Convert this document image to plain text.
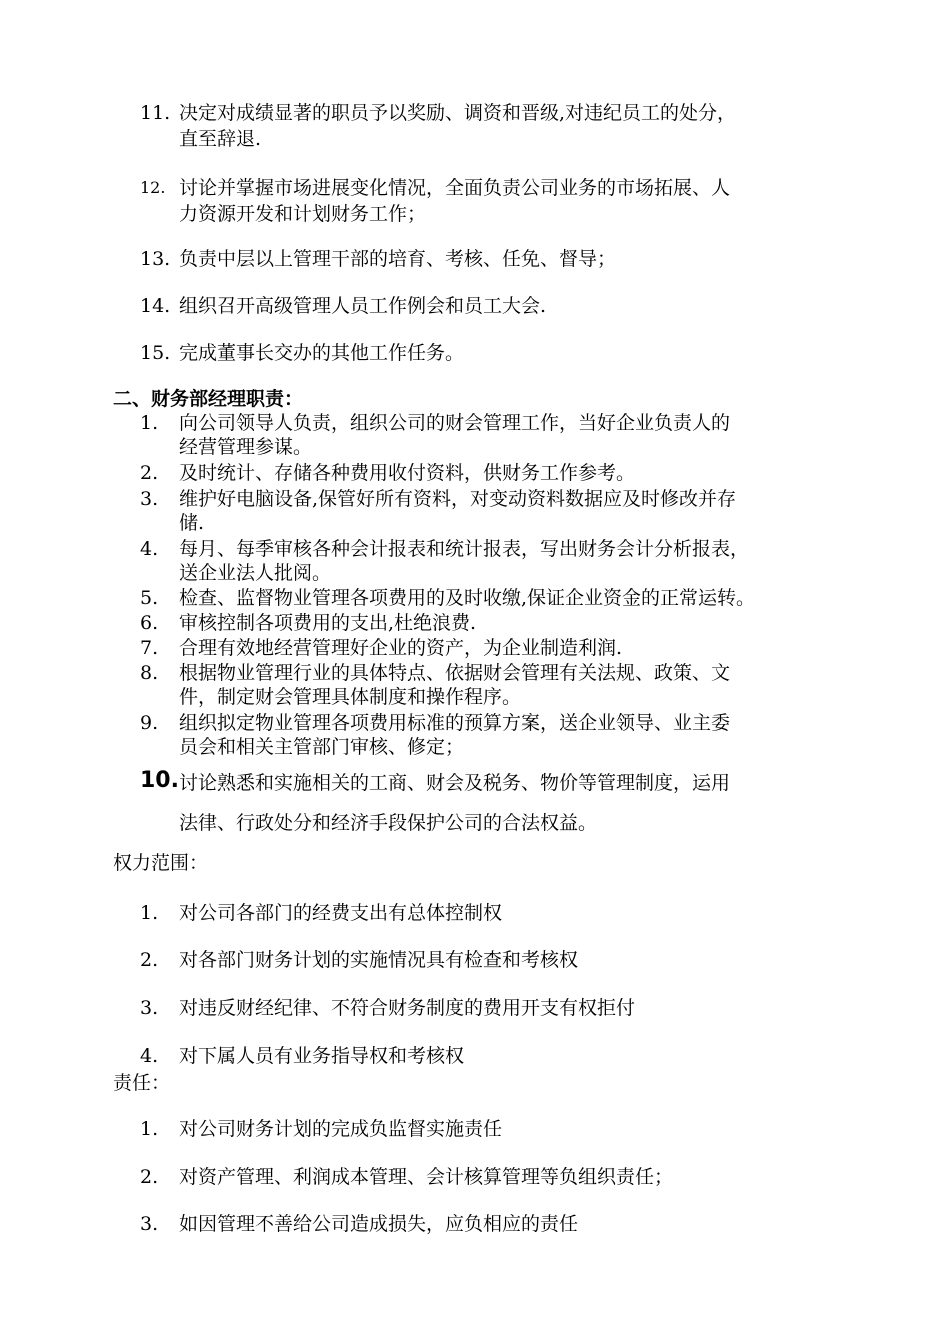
11. 决定对成绩显著的职员予以奖励、调资和晋级,对违纪员工的处分，
直至辞退.
12. 讨论并掌握市场进展变化情况，全面负责公司业务的市场拓展、人
力资源开发和计划财务工作；
13. 负责中层以上管理干部的培育、考核、任免、督导；
14. 组织召开高级管理人员工作例会和员工大会.
15. 完成董事长交办的其他工作任务。
二、财务部经理职责：
1. 向公司领导人负责，组织公司的财会管理工作，当好企业负责人的
经营管理参谋。
2. 及时统计、存储各种费用收付资料，供财务工作参考。
3. 维护好电脑设备,保管好所有资料，对变动资料数据应及时修改并存
储.
4. 每月、每季审核各种会计报表和统计报表，写出财务会计分析报表，
送企业法人批阅。
5. 检查、监督物业管理各项费用的及时收缴,保证企业资金的正常运转。
6. 审核控制各项费用的支出,杜绝浪费.
7. 合理有效地经营管理好企业的资产，为企业制造利润.
8. 根据物业管理行业的具体特点、依据财会管理有关法规、政策、文
件，制定财会管理具体制度和操作程序。
9. 组织拟定物业管理各项费用标准的预算方案，送企业领导、业主委
员会和相关主管部门审核、修定；
10. 讨论熟悉和实施相关的工商、财会及税务、物价等管理制度，运用
法律、行政处分和经济手段保护公司的合法权益。
权力范围：
1. 对公司各部门的经费支出有总体控制权
2. 对各部门财务计划的实施情况具有检查和考核权
3. 对违反财经纪律、不符合财务制度的费用开支有权拒付
4. 对下属人员有业务指导权和考核权
责任：
1. 对公司财务计划的完成负监督实施责任
2. 对资产管理、利润成本管理、会计核算管理等负组织责任；
3. 如因管理不善给公司造成损失，应负相应的责任
